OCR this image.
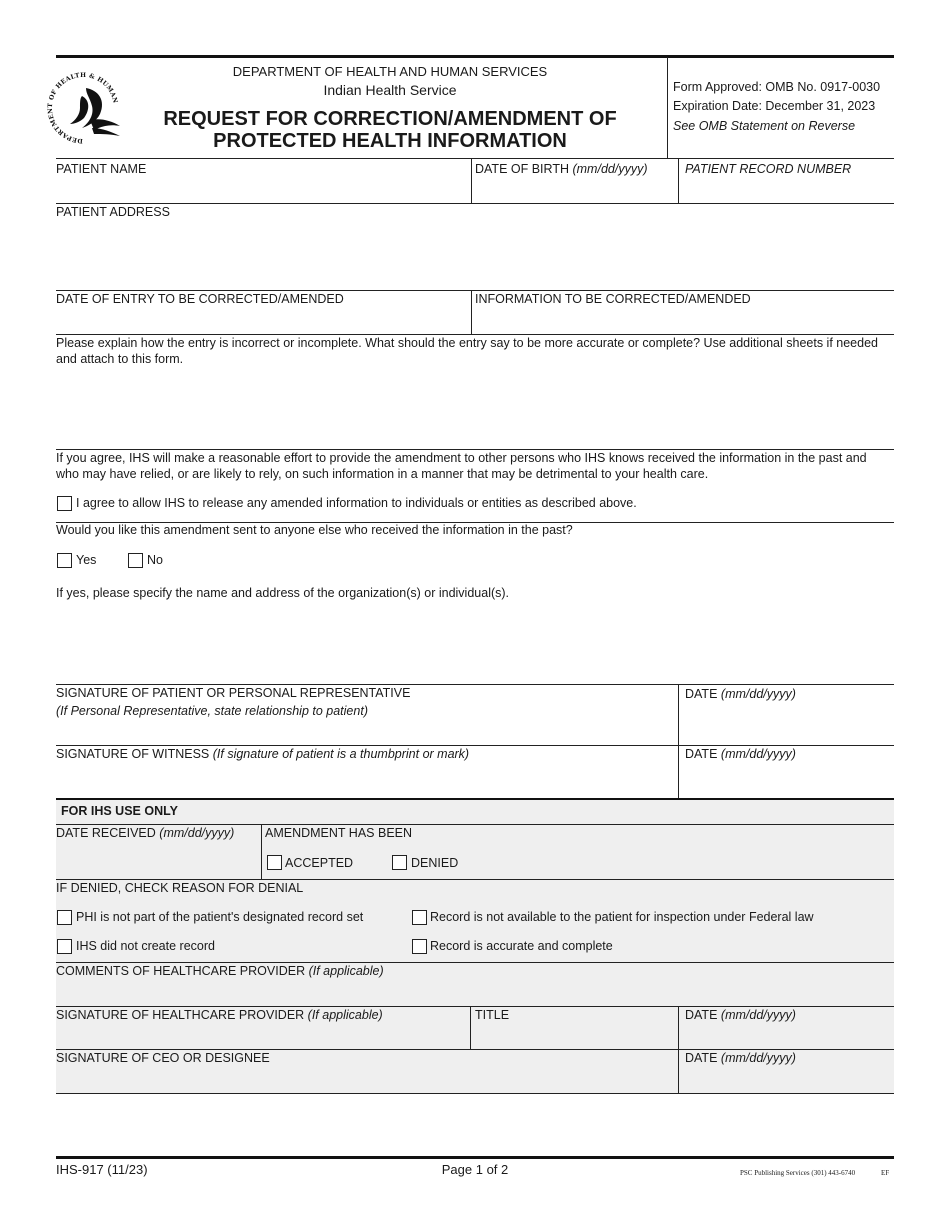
DEPARTMENT OF HEALTH & HUMAN
DEPARTMENT OF HEALTH AND HUMAN SERVICES
Indian Health Service
REQUEST FOR CORRECTION/AMENDMENT OF
PROTECTED HEALTH INFORMATION
Form Approved: OMB No. 0917-0030
Expiration Date: December 31, 2023
See OMB Statement on Reverse
PATIENT NAME	DATE OF BIRTH (mm/dd/yyyy)	PATIENT RECORD NUMBER
PATIENT ADDRESS
DATE OF ENTRY TO BE CORRECTED/AMENDED	INFORMATION TO BE CORRECTED/AMENDED
Please explain how the entry is incorrect or incomplete. What should the entry say to be more accurate or complete? Use additional sheets if needed and attach to this form.
If you agree, IHS will make a reasonable effort to provide the amendment to other persons who IHS knows received the information in the past and who may have relied, or are likely to rely, on such information in a manner that may be detrimental to your health care.
I agree to allow IHS to release any amended information to individuals or entities as described above.
Would you like this amendment sent to anyone else who received the information in the past?
Yes	No
If yes, please specify the name and address of the organization(s) or individual(s).
SIGNATURE OF PATIENT OR PERSONAL REPRESENTATIVE
(If Personal Representative, state relationship to patient)
DATE (mm/dd/yyyy)
SIGNATURE OF WITNESS (If signature of patient is a thumbprint or mark)	DATE (mm/dd/yyyy)
FOR IHS USE ONLY
DATE RECEIVED (mm/dd/yyyy) AMENDMENT HAS BEEN
ACCEPTED	DENIED
IF DENIED, CHECK REASON FOR DENIAL
PHI is not part of the patient's designated record set	Record is not available to the patient for inspection under Federal law
IHS did not create record	Record is accurate and complete
COMMENTS OF HEALTHCARE PROVIDER (If applicable)
SIGNATURE OF HEALTHCARE PROVIDER (If applicable)	TITLE	DATE (mm/dd/yyyy)
SIGNATURE OF CEO OR DESIGNEE	DATE (mm/dd/yyyy)
IHS-917 (11/23)	Page 1 of 2	PSC Publishing Services (301) 443-6740	EF
